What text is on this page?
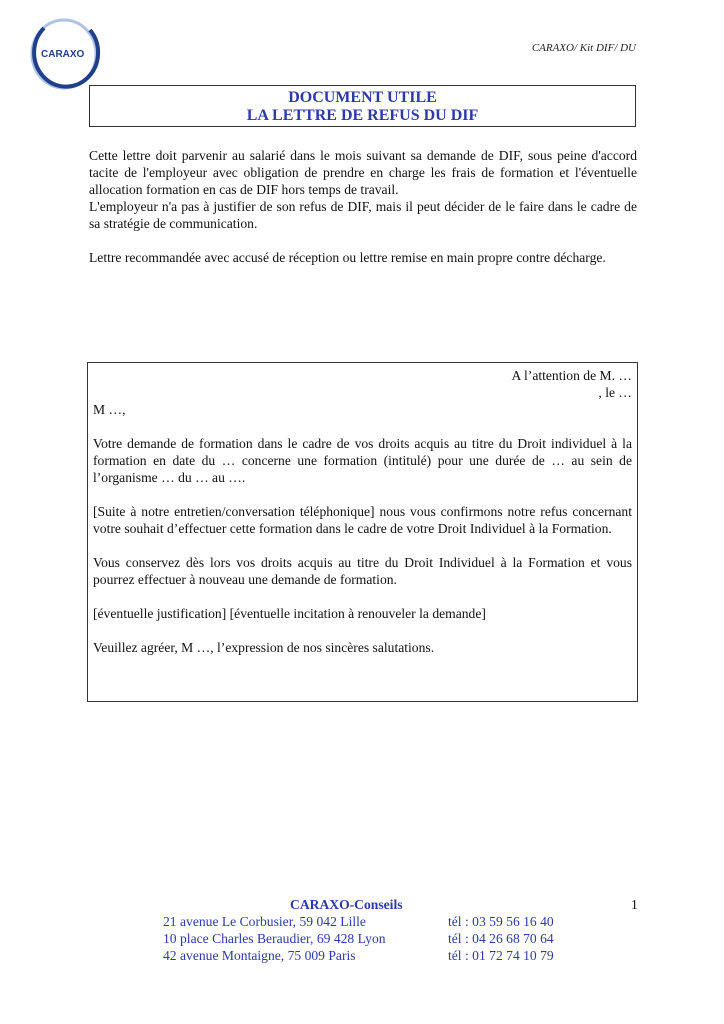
CARAXO
CARAXO/ Kit DIF/ DU
DOCUMENT UTILE
LA LETTRE DE REFUS DU DIF

Cette lettre doit parvenir au salarié dans le mois suivant sa demande de DIF, sous peine d'accord tacite de l'employeur avec obligation de prendre en charge les frais de formation et l'éventuelle allocation formation en cas de DIF hors temps de travail.

L'employeur n'a pas à justifier de son refus de DIF, mais il peut décider de le faire dans le cadre de sa stratégie de communication.

Lettre recommandée avec accusé de réception ou lettre remise en main propre contre décharge.

A l’attention de M. …

, le …

M …,

Votre demande de formation dans le cadre de vos droits acquis au titre du Droit individuel à la formation en date du … concerne une formation (intitulé) pour une durée de … au sein de l’organisme … du … au ….

[Suite à notre entretien/conversation téléphonique] nous vous confirmons notre refus concernant votre souhait d’effectuer cette formation dans le cadre de votre Droit Individuel à la Formation.

Vous conservez dès lors vos droits acquis au titre du Droit Individuel à la Formation et vous pourrez effectuer à nouveau une demande de formation.

[éventuelle justification] [éventuelle incitation à renouveler la demande]

Veuillez agréer, M …, l’expression de nos sincères salutations.

CARAXO-Conseils	1
21 avenue Le Corbusier, 59 042 Lille	tél : 03 59 56 16 40
10 place Charles Beraudier, 69 428 Lyon	tél : 04 26 68 70 64
42 avenue Montaigne, 75 009 Paris	tél : 01 72 74 10 79
